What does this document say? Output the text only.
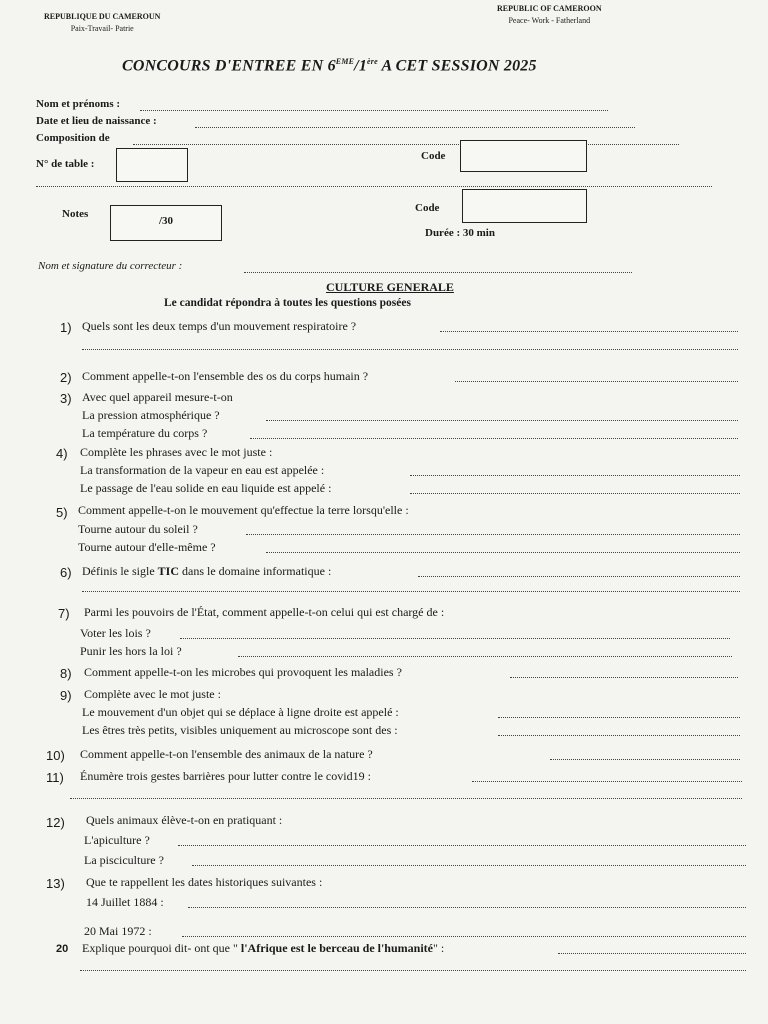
REPUBLIQUE DU CAMEROUN
Paix-Travail- Patrie
REPUBLIC OF CAMEROON
Peace- Work - Fatherland
CONCOURS D'ENTREE EN 6EME/1ère A CET SESSION 2025
Nom et prénoms :
Date et lieu de naissance :
Composition de
N° de table :
Code
Notes
/30
Code
Durée : 30 min
Nom et signature du correcteur :
CULTURE GENERALE
Le candidat répondra à toutes les questions posées
1) Quels sont les deux temps d'un mouvement respiratoire ?
2) Comment appelle-t-on l'ensemble des os du corps humain ?
3) Avec quel appareil mesure-t-on
La pression atmosphérique ?
La température du corps ?
4) Complète les phrases avec le mot juste :
La transformation de la vapeur en eau est appelée :
Le passage de l'eau solide en eau liquide est appelé :
5) Comment appelle-t-on le mouvement qu'effectue la terre lorsqu'elle :
Tourne autour du soleil ?
Tourne autour d'elle-même ?
6) Définis le sigle TIC dans le domaine informatique :
7) Parmi les pouvoirs de l'État, comment appelle-t-on celui qui est chargé de :
Voter les lois ?
Punir les hors la loi ?
8) Comment appelle-t-on les microbes qui provoquent les maladies ?
9) Complète avec le mot juste :
Le mouvement d'un objet qui se déplace à ligne droite est appelé :
Les êtres très petits, visibles uniquement au microscope sont des :
10) Comment appelle-t-on l'ensemble des animaux de la nature ?
11) Énumère trois gestes barrières pour lutter contre le covid19 :
12) Quels animaux élève-t-on en pratiquant :
L'apiculture ?
La pisciculture ?
13) Que te rappellent les dates historiques suivantes :
14 Juillet 1884 :
20 Mai 1972 :
20 Explique pourquoi dit- ont que " l'Afrique est le berceau de l'humanité" :
